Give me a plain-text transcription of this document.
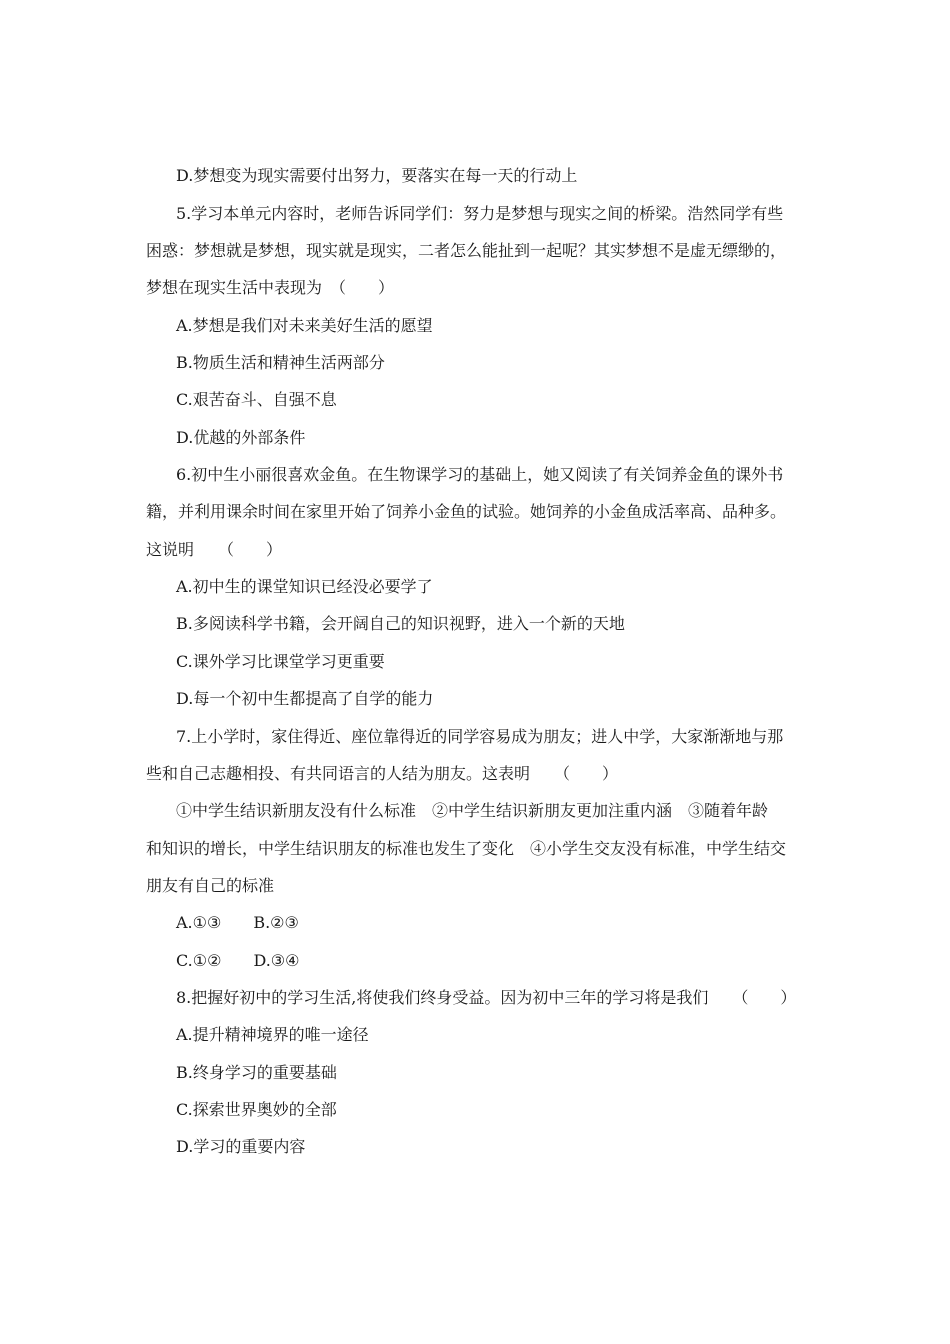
D.梦想变为现实需要付出努力，要落实在每一天的行动上
5.学习本单元内容时，老师告诉同学们：努力是梦想与现实之间的桥梁。浩然同学有些
困惑：梦想就是梦想，现实就是现实，二者怎么能扯到一起呢？其实梦想不是虚无缥缈的，
梦想在现实生活中表现为　（　　）
A.梦想是我们对未来美好生活的愿望
B.物质生活和精神生活两部分
C.艰苦奋斗、自强不息
D.优越的外部条件
6.初中生小丽很喜欢金鱼。在生物课学习的基础上，她又阅读了有关饲养金鱼的课外书
籍，并利用课余时间在家里开始了饲养小金鱼的试验。她饲养的小金鱼成活率高、品种多。
这说明　　（　　）
A.初中生的课堂知识已经没必要学了
B.多阅读科学书籍，会开阔自己的知识视野，进入一个新的天地
C.课外学习比课堂学习更重要
D.每一个初中生都提高了自学的能力
7.上小学时，家住得近、座位靠得近的同学容易成为朋友；进人中学，大家渐渐地与那
些和自己志趣相投、有共同语言的人结为朋友。这表明　　（　　）
①中学生结识新朋友没有什么标准　②中学生结识新朋友更加注重内涵　③随着年龄
和知识的增长，中学生结识朋友的标准也发生了变化　④小学生交友没有标准，中学生结交
朋友有自己的标准
A.①③　　B.②③
C.①②　　D.③④
8.把握好初中的学习生活,将使我们终身受益。因为初中三年的学习将是我们　　（　　）
A.提升精神境界的唯一途径
B.终身学习的重要基础
C.探索世界奥妙的全部
D.学习的重要内容
